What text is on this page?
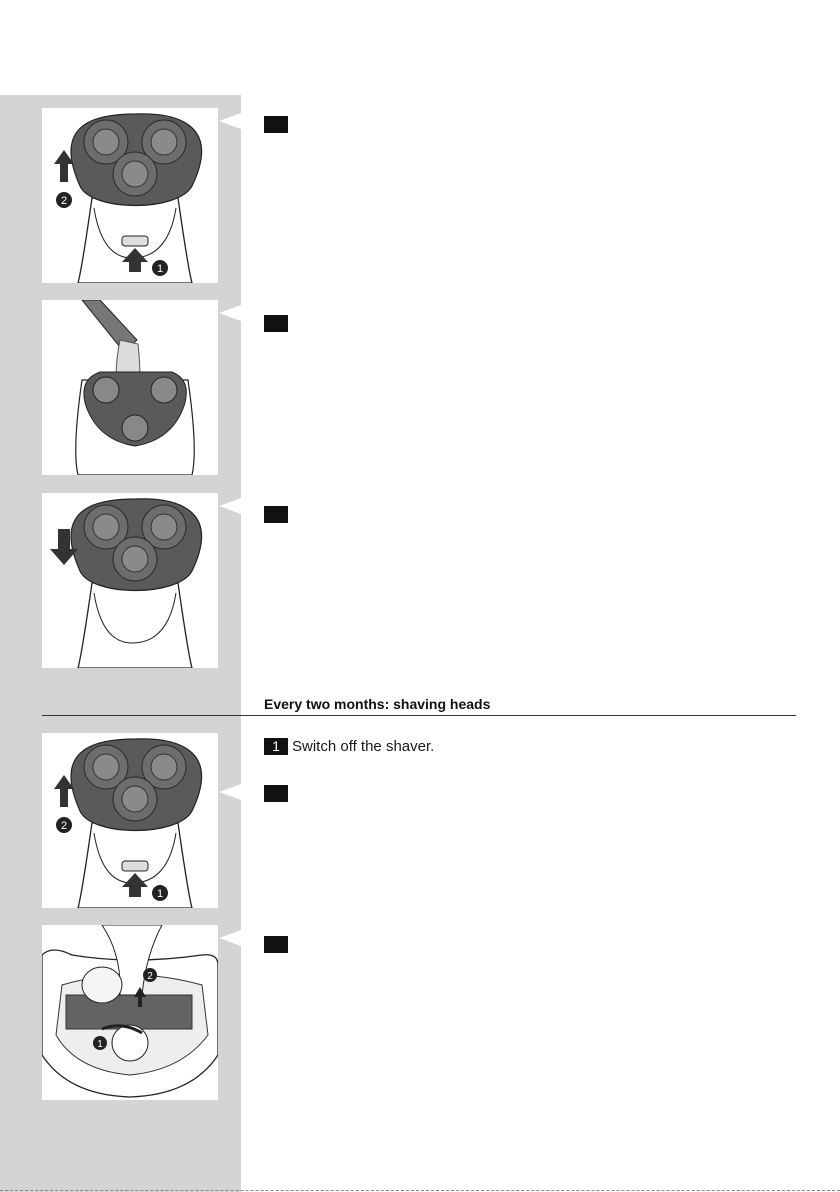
2
1
Every two months: shaving heads
2
1
1 Switch off the shaver.
2
1
